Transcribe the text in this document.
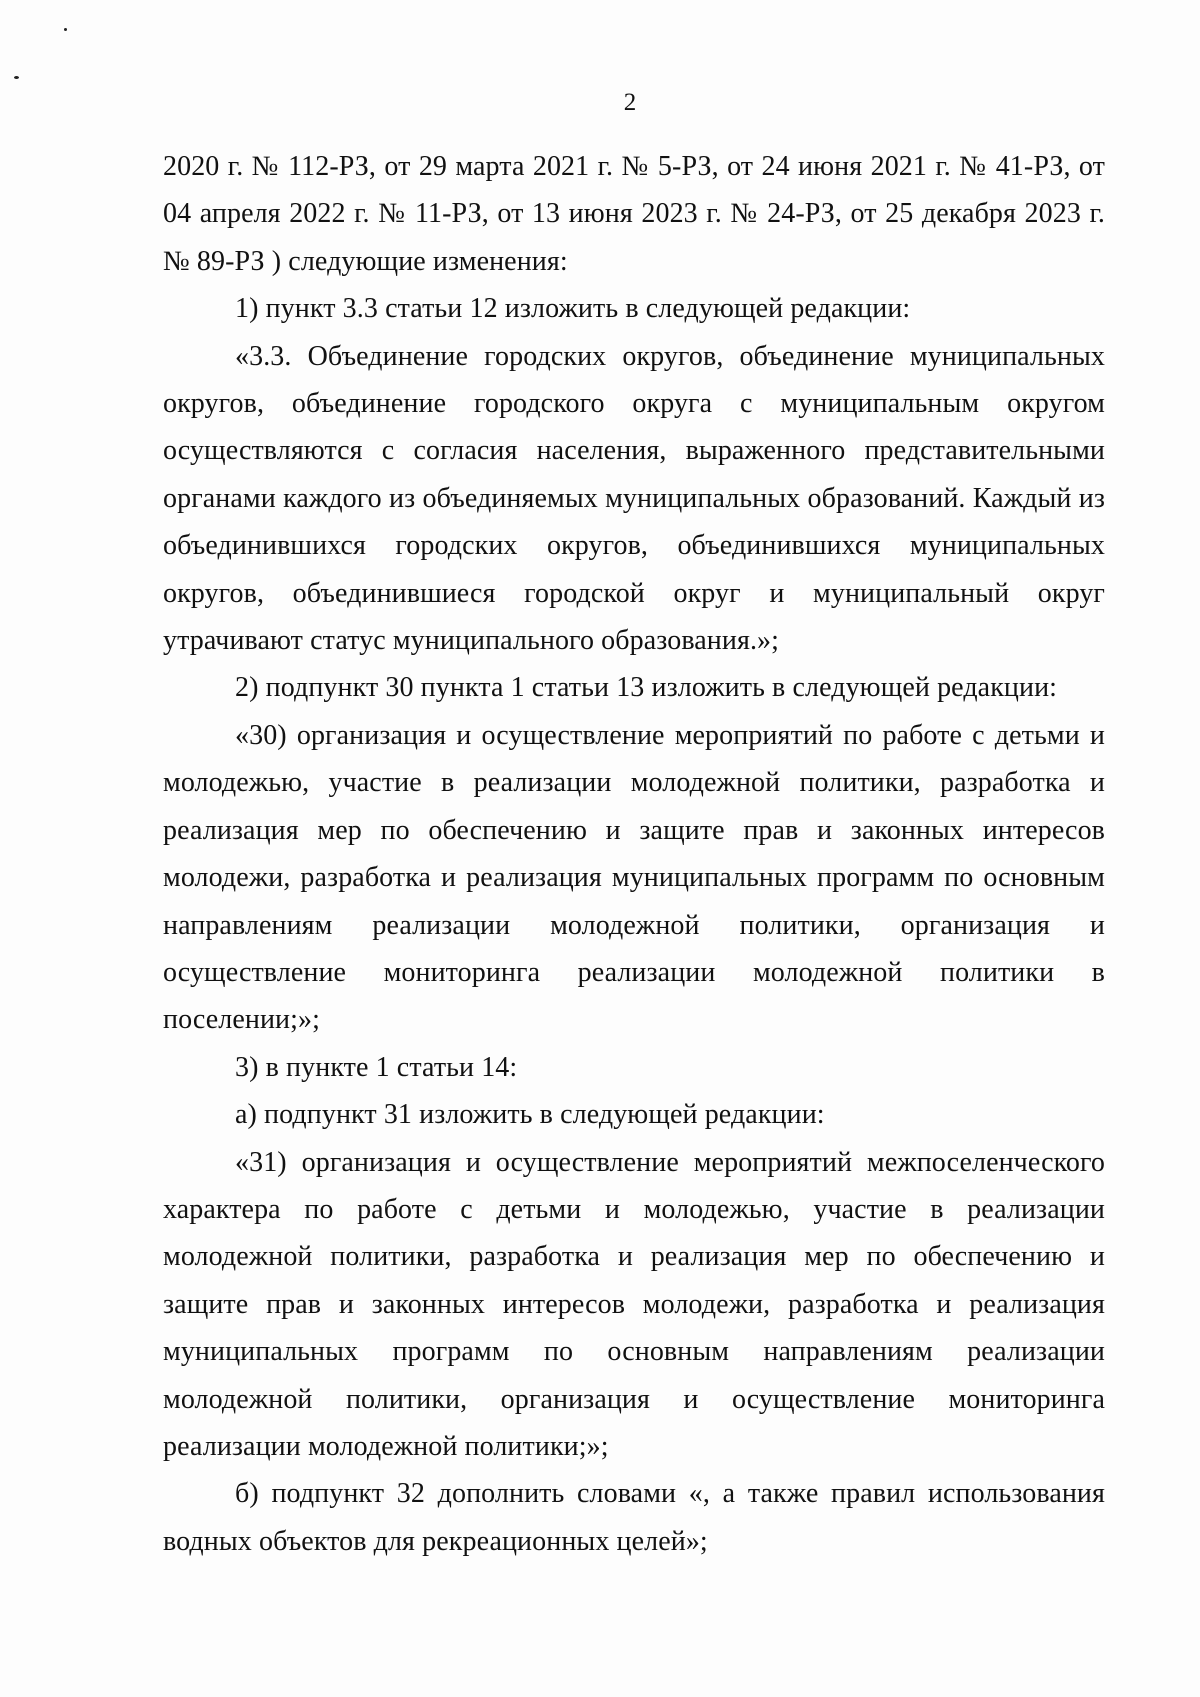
2

2020 г. № 112-РЗ, от 29 марта 2021 г. № 5-РЗ, от 24 июня 2021 г. № 41-РЗ, от 04 апреля 2022 г. № 11-РЗ, от 13 июня 2023 г. № 24-РЗ, от 25 декабря 2023 г. № 89-РЗ ) следующие изменения:

1) пункт 3.3 статьи 12 изложить в следующей редакции:

«3.3. Объединение городских округов, объединение муниципальных округов, объединение городского округа с муниципальным округом осуществляются с согласия населения, выраженного представительными органами каждого из объединяемых муниципальных образований. Каждый из объединившихся городских округов, объединившихся муниципальных округов, объединившиеся городской округ и муниципальный округ утрачивают статус муниципального образования.»;

2) подпункт 30 пункта 1 статьи 13 изложить в следующей редакции:

«30) организация и осуществление мероприятий по работе с детьми и молодежью, участие в реализации молодежной политики, разработка и реализация мер по обеспечению и защите прав и законных интересов молодежи, разработка и реализация муниципальных программ по основным направлениям реализации молодежной политики, организация и осуществление мониторинга реализации молодежной политики в поселении;»;

3) в пункте 1 статьи 14:

а) подпункт 31 изложить в следующей редакции:

«31) организация и осуществление мероприятий межпоселенческого характера по работе с детьми и молодежью, участие в реализации молодежной политики, разработка и реализация мер по обеспечению и защите прав и законных интересов молодежи, разработка и реализация муниципальных программ по основным направлениям реализации молодежной политики, организация и осуществление мониторинга реализации молодежной политики;»;

б) подпункт 32 дополнить словами «, а также правил использования водных объектов для рекреационных целей»;
